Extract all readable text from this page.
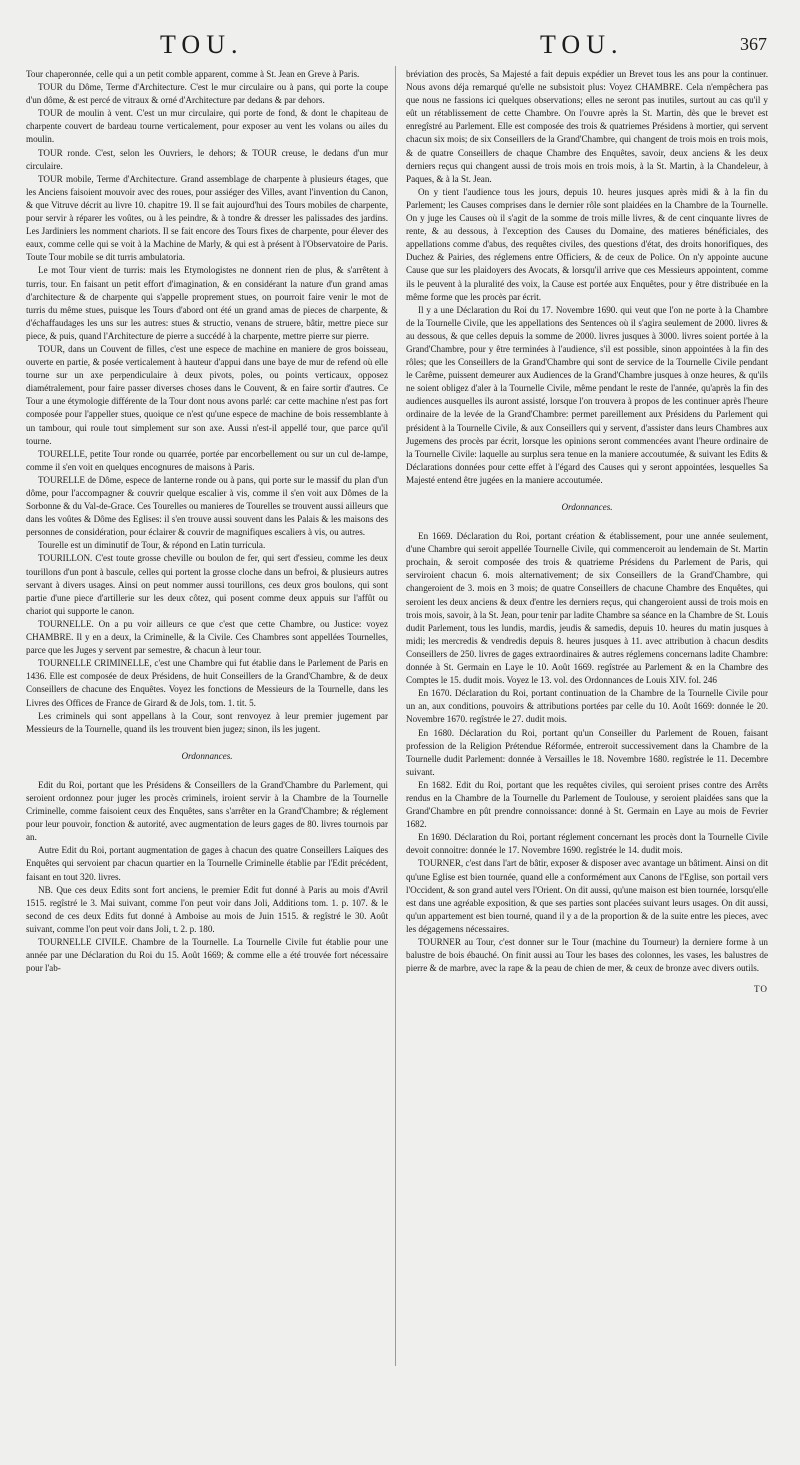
TOU.	TOU.	367

Tour chaperonnée, celle qui a un petit comble apparent, comme à St. Jean en Greve à Paris.

TOUR du Dôme, Terme d'Architecture. C'est le mur circulaire ou à pans, qui porte la coupe d'un dôme, & est percé de vitraux & orné d'Architecture par dedans & par dehors.

TOUR de moulin à vent. C'est un mur circulaire, qui porte de fond, & dont le chapiteau de charpente couvert de bardeau tourne verticalement, pour exposer au vent les volans ou ailes du moulin.

TOUR ronde. C'est, selon les Ouvriers, le dehors; & TOUR creuse, le dedans d'un mur circulaire.

TOUR mobile, Terme d'Architecture. Grand assemblage de charpente à plusieurs étages, que les Anciens faisoient mouvoir avec des roues, pour assiéger des Villes, avant l'invention du Canon, & que Vitruve décrit au livre 10. chapitre 19. Il se fait aujourd'hui des Tours mobiles de charpente, pour servir à réparer les voûtes, ou à les peindre, & à tondre & dresser les palissades des jardins. Les Jardiniers les nomment chariots. Il se fait encore des Tours fixes de charpente, pour élever des eaux, comme celle qui se voit à la Machine de Marly, & qui est à présent à l'Observatoire de Paris. Toute Tour mobile se dit turris ambulatoria.

Le mot Tour vient de turris: mais les Etymologistes ne donnent rien de plus, & s'arrêtent à turris, tour. En faisant un petit effort d'imagination, & en considérant la nature d'un grand amas d'architecture & de charpente qui s'appelle proprement stues, on pourroit faire venir le mot de turris du même stues, puisque les Tours d'abord ont été un grand amas de pieces de charpente, & d'échaffaudages les uns sur les autres: stues & structio, venans de struere, bâtir, mettre piece sur piece, & puis, quand l'Architecture de pierre a succédé à la charpente, mettre pierre sur pierre.

TOUR, dans un Couvent de filles, c'est une espece de machine en maniere de gros boisseau, ouverte en partie, & posée verticalement à hauteur d'appui dans une baye de mur de refend où elle tourne sur un axe perpendiculaire à deux pivots, poles, ou points verticaux, opposez diamétralement, pour faire passer diverses choses dans le Couvent, & en faire sortir d'autres. Ce Tour a une étymologie différente de la Tour dont nous avons parlé: car cette machine n'est pas fort composée pour l'appeller stues, quoique ce n'est qu'une espece de machine de bois ressemblante à un tambour, qui roule tout simplement sur son axe. Aussi n'est-il appellé tour, que parce qu'il tourne.

TOURELLE, petite Tour ronde ou quarrée, portée par encorbellement ou sur un cul de-lampe, comme il s'en voit en quelques encognures de maisons à Paris.

TOURELLE de Dôme, espece de lanterne ronde ou à pans, qui porte sur le massif du plan d'un dôme, pour l'accompagner & couvrir quelque escalier à vis, comme il s'en voit aux Dômes de la Sorbonne & du Val-de-Grace. Ces Tourelles ou manieres de Tourelles se trouvent aussi ailleurs que dans les voûtes & Dôme des Eglises: il s'en trouve aussi souvent dans les Palais & les maisons des personnes de considération, pour éclairer & couvrir de magnifiques escaliers à vis, ou autres.

Tourelle est un diminutif de Tour, & répond en Latin turricula.

TOURILLON. C'est toute grosse cheville ou boulon de fer, qui sert d'essieu, comme les deux tourillons d'un pont à bascule, celles qui portent la grosse cloche dans un befroi, & plusieurs autres servant à divers usages. Ainsi on peut nommer aussi tourillons, ces deux gros boulons, qui sont partie d'une piece d'artillerie sur les deux côtez, qui posent comme deux appuis sur l'affût ou chariot qui supporte le canon.

TOURNELLE. On a pu voir ailleurs ce que c'est que cette Chambre, ou Justice: voyez CHAMBRE. Il y en a deux, la Criminelle, & la Civile. Ces Chambres sont appellées Tournelles, parce que les Juges y servent par semestre, & chacun à leur tour.

TOURNELLE CRIMINELLE, c'est une Chambre qui fut établie dans le Parlement de Paris en 1436. Elle est composée de deux Présidens, de huit Conseillers de la Grand'Chambre, & de deux Conseillers de chacune des Enquêtes. Voyez les fonctions de Messieurs de la Tournelle, dans les Livres des Offices de France de Girard & de Jols, tom. 1. tit. 5.

Les criminels qui sont appellans à la Cour, sont renvoyez à leur premier jugement par Messieurs de la Tournelle, quand ils les trouvent bien jugez; sinon, ils les jugent.

Ordonnances.

Edit du Roi, portant que les Présidens & Conseillers de la Grand'Chambre du Parlement, qui seroient ordonnez pour juger les procès criminels, iroient servir à la Chambre de la Tournelle Criminelle, comme faisoient ceux des Enquêtes, sans s'arrêter en la Grand'Chambre; & réglement pour leur pouvoir, fonction & autorité, avec augmentation de leurs gages de 80. livres tournois par an.

Autre Edit du Roi, portant augmentation de gages à chacun des quatre Conseillers Laïques des Enquêtes qui servoient par chacun quartier en la Tournelle Criminelle établie par l'Edit précédent, faisant en tout 320. livres.

NB. Que ces deux Edits sont fort anciens, le premier Edit fut donné à Paris au mois d'Avril 1515. regîstré le 3. Mai suivant, comme l'on peut voir dans Joli, Additions tom. 1. p. 107. & le second de ces deux Edits fut donné à Amboise au mois de Juin 1515. & regîstré le 30. Août suivant, comme l'on peut voir dans Joli, t. 2. p. 180.

TOURNELLE CIVILE. Chambre de la Tournelle. La Tournelle Civile fut établie pour une année par une Déclaration du Roi du 15. Août 1669; & comme elle a été trouvée fort nécessaire pour l'ab-

bréviation des procès, Sa Majesté a fait depuis expédier un Brevet tous les ans pour la continuer. Nous avons déja remarqué qu'elle ne subsistoit plus: Voyez CHAMBRE. Cela n'empêchera pas que nous ne fassions ici quelques observations; elles ne seront pas inutiles, surtout au cas qu'il y eût un rétablissement de cette Chambre. On l'ouvre après la St. Martin, dès que le brevet est enregîstré au Parlement. Elle est composée des trois & quatriemes Présidens à mortier, qui servent chacun six mois; de six Conseillers de la Grand'Chambre, qui changent de trois mois en trois mois, & de quatre Conseillers de chaque Chambre des Enquêtes, savoir, deux anciens & les deux derniers reçus qui changent aussi de trois mois en trois mois, à la St. Martin, à la Chandeleur, à Paques, & à la St. Jean.

On y tient l'audience tous les jours, depuis 10. heures jusques après midi & à la fin du Parlement; les Causes comprises dans le dernier rôle sont plaidées en la Chambre de la Tournelle. On y juge les Causes où il s'agit de la somme de trois mille livres, & de cent cinquante livres de rente, & au dessous, à l'exception des Causes du Domaine, des matieres bénéficiales, des appellations comme d'abus, des requêtes civiles, des questions d'état, des droits honorifiques, des Duchez & Pairies, des réglemens entre Officiers, & de ceux de Police. On n'y appointe aucune Cause que sur les plaidoyers des Avocats, & lorsqu'il arrive que ces Messieurs appointent, comme ils le peuvent à la pluralité des voix, la Cause est portée aux Enquêtes, pour y être distribuée en la même forme que les procès par écrit.

Il y a une Déclaration du Roi du 17. Novembre 1690. qui veut que l'on ne porte à la Chambre de la Tournelle Civile, que les appellations des Sentences où il s'agira seulement de 2000. livres & au dessous, & que celles depuis la somme de 2000. livres jusques à 3000. livres soient portée à la Grand'Chambre, pour y être terminées à l'audience, s'il est possible, sinon appointées à la fin des rôles; que les Conseillers de la Grand'Chambre qui sont de service de la Tournelle Civile pendant le Carême, puissent demeurer aux Audiences de la Grand'Chambre jusques à onze heures, & qu'ils ne soient obligez d'aler à la Tournelle Civile, même pendant le reste de l'année, qu'après la fin des audiences ausquelles ils auront assisté, lorsque l'on trouvera à propos de les continuer après l'heure ordinaire de la levée de la Grand'Chambre: permet pareillement aux Présidens du Parlement qui président à la Tournelle Civile, & aux Conseillers qui y servent, d'assister dans leurs Chambres aux Jugemens des procès par écrit, lorsque les opinions seront commencées avant l'heure ordinaire de la Tournelle Civile: laquelle au surplus sera tenue en la maniere accoutumée, & suivant les Edits & Déclarations données pour cette effet à l'égard des Causes qui y seront appointées, lesquelles Sa Majesté entend être jugées en la maniere accoutumée.

Ordonnances.

En 1669. Déclaration du Roi, portant création & établissement, pour une année seulement, d'une Chambre qui seroit appellée Tournelle Civile, qui commenceroit au lendemain de St. Martin prochain, & seroit composée des trois & quatrieme Présidens du Parlement de Paris, qui serviroient chacun 6. mois alternativement; de six Conseillers de la Grand'Chambre, qui changeroient de 3. mois en 3 mois; de quatre Conseillers de chacune Chambre des Enquêtes, qui seroient les deux anciens & deux d'entre les derniers reçus, qui changeroient aussi de trois mois en trois mois, savoir, à la St. Jean, pour tenir par ladite Chambre sa séance en la Chambre de St. Louis dudit Parlement, tous les lundis, mardis, jeudis & samedis, depuis 10. heures du matin jusques à midi; les mercredis & vendredis depuis 8. heures jusques à 11. avec attribution à chacun desdits Conseillers de 250. livres de gages extraordinaires & autres réglemens concernans ladite Chambre: donnée à St. Germain en Laye le 10. Août 1669. regîstrée au Parlement & en la Chambre des Comptes le 15. dudit mois. Voyez le 13. vol. des Ordonnances de Louis XIV. fol. 246

En 1670. Déclaration du Roi, portant continuation de la Chambre de la Tournelle Civile pour un an, aux conditions, pouvoirs & attributions portées par celle du 10. Août 1669: donnée le 20. Novembre 1670. regîstrée le 27. dudit mois.

En 1680. Déclaration du Roi, portant qu'un Conseiller du Parlement de Rouen, faisant profession de la Religion Prétendue Réformée, entreroit successivement dans la Chambre de la Tournelle dudit Parlement: donnée à Versailles le 18. Novembre 1680. regîstrée le 11. Decembre suivant.

En 1682. Edit du Roi, portant que les requêtes civiles, qui seroient prises contre des Arrêts rendus en la Chambre de la Tournelle du Parlement de Toulouse, y seroient plaidées sans que la Grand'Chambre en pût prendre connoissance: donné à St. Germain en Laye au mois de Fevrier 1682.

En 1690. Déclaration du Roi, portant réglement concernant les procès dont la Tournelle Civile devoit connoitre: donnée le 17. Novembre 1690. regîstrée le 14. dudit mois.

TOURNER, c'est dans l'art de bâtir, exposer & disposer avec avantage un bâtiment. Ainsi on dit qu'une Eglise est bien tournée, quand elle a conformément aux Canons de l'Eglise, son portail vers l'Occident, & son grand autel vers l'Orient. On dit aussi, qu'une maison est bien tournée, lorsqu'elle est dans une agréable exposition, & que ses parties sont placées suivant leurs usages. On dit aussi, qu'un appartement est bien tourné, quand il y a de la proportion & de la suite entre les pieces, avec les dégagemens nécessaires.

TOURNER au Tour, c'est donner sur le Tour (machine du Tourneur) la derniere forme à un balustre de bois ébauché. On finit aussi au Tour les bases des colonnes, les vases, les balustres de pierre & de marbre, avec la rape & la peau de chien de mer, & ceux de bronze avec divers outils.

TO
